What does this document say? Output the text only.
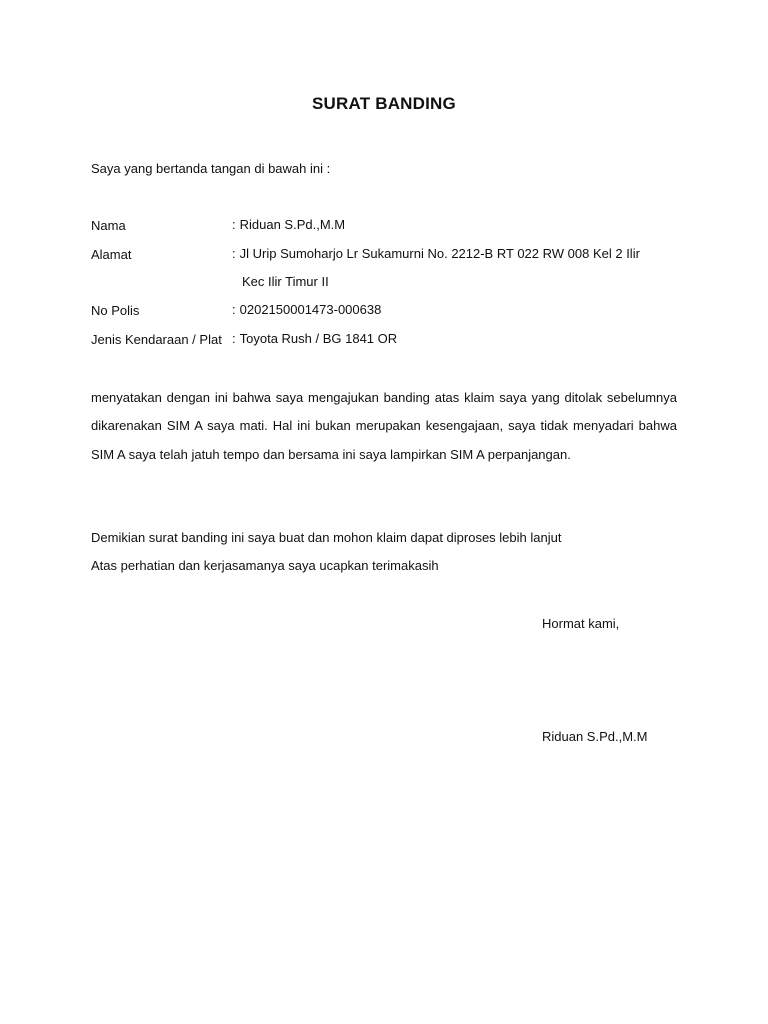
SURAT BANDING
Saya yang bertanda tangan di bawah ini :
Nama	: Riduan S.Pd.,M.M
Alamat	: Jl Urip Sumoharjo Lr Sukamurni No. 2212-B RT 022 RW 008 Kel 2 Ilir
Kec Ilir Timur II
No Polis	: 0202150001473-000638
Jenis Kendaraan / Plat : Toyota Rush / BG 1841 OR
menyatakan dengan ini bahwa saya mengajukan banding atas klaim saya yang ditolak sebelumnya dikarenakan SIM A saya mati. Hal ini bukan merupakan kesengajaan, saya tidak menyadari bahwa SIM A saya telah jatuh tempo dan bersama ini saya lampirkan SIM A perpanjangan.
Demikian surat banding ini saya buat dan mohon klaim dapat diproses lebih lanjut
Atas perhatian dan kerjasamanya saya ucapkan terimakasih
Hormat kami,
Riduan S.Pd.,M.M
